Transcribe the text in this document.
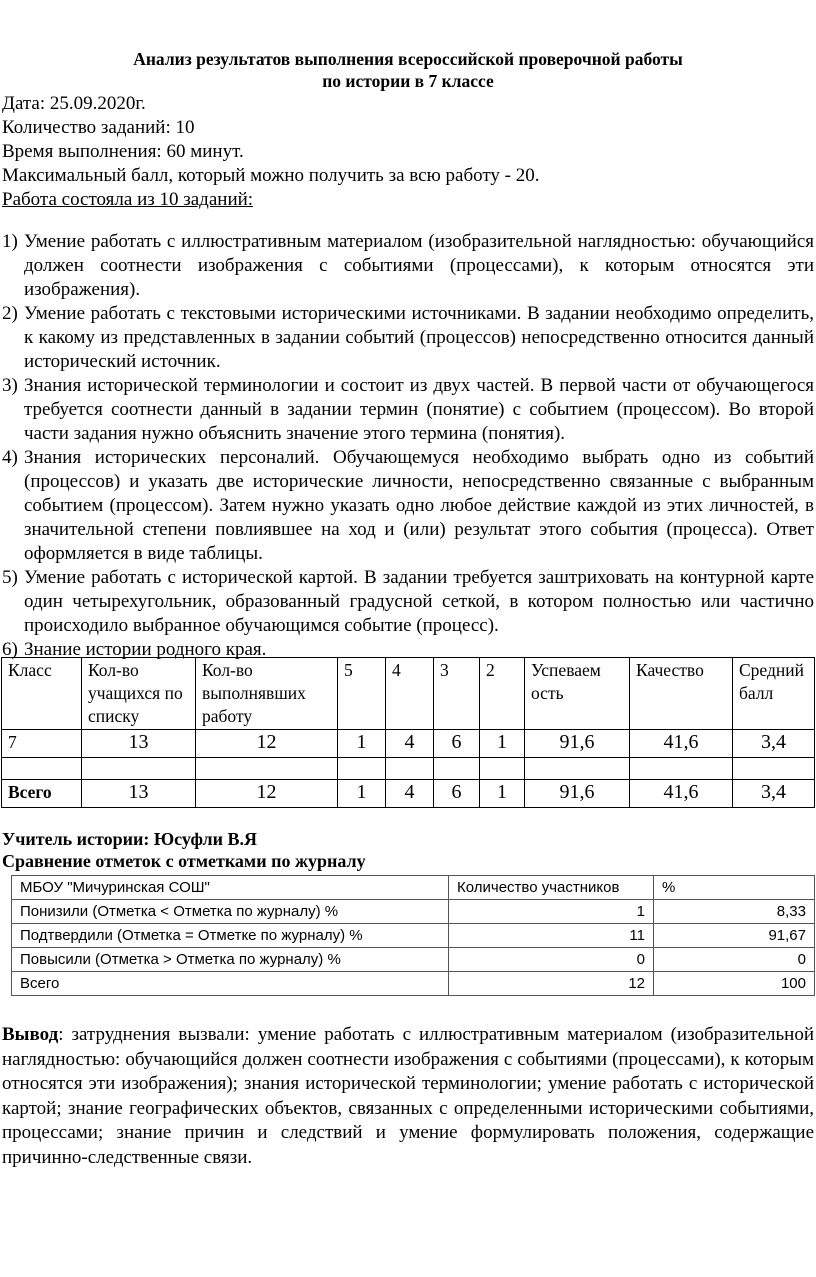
Анализ результатов выполнения всероссийской проверочной работы
по истории в 7 классе
Дата: 25.09.2020г.
Количество заданий: 10
Время выполнения: 60 минут.
Максимальный балл, который можно получить за всю работу - 20.
Работа состояла из 10 заданий:
1) Умение работать с иллюстративным материалом (изобразительной наглядностью: обучающийся должен соотнести изображения с событиями (процессами), к которым относятся эти изображения).
2) Умение работать с текстовыми историческими источниками. В задании необходимо определить, к какому из представленных в задании событий (процессов) непосредственно относится данный исторический источник.
3) Знания исторической терминологии и состоит из двух частей. В первой части от обучающегося требуется соотнести данный в задании термин (понятие) с событием (процессом). Во второй части задания нужно объяснить значение этого термина (понятия).
4) Знания исторических персоналий. Обучающемуся необходимо выбрать одно из событий (процессов) и указать две исторические личности, непосредственно связанные с выбранным событием (процессом). Затем нужно указать одно любое действие каждой из этих личностей, в значительной степени повлиявшее на ход и (или) результат этого события (процесса). Ответ оформляется в виде таблицы.
5) Умение работать с исторической картой. В задании требуется заштриховать на контурной карте один четырехугольник, образованный градусной сеткой, в котором полностью или частично происходило выбранное обучающимся событие (процесс).
6) Знание истории родного края.
Класс	Кол-во учащихся по списку	Кол-во выполнявших работу	5	4	3	2	Успеваем ость	Качество	Средний балл
7	13	12	1	4	6	1	91,6	41,6	3,4

Всего	13	12	1	4	6	1	91,6	41,6	3,4
Учитель истории: Юсуфли В.Я
Сравнение отметок с отметками по журналу
МБОУ "Мичуринская СОШ"	Количество участников	%
Понизили (Отметка < Отметка по журналу) %	1	8,33
Подтвердили (Отметка = Отметке по журналу) %	11	91,67
Повысили (Отметка > Отметка по журналу) %	0	0
Всего	12	100
Вывод: затруднения вызвали: умение работать с иллюстративным материалом (изобразительной наглядностью: обучающийся должен соотнести изображения с событиями (процессами), к которым относятся эти изображения); знания исторической терминологии; умение работать с исторической картой; знание географических объектов, связанных с определенными историческими событиями, процессами; знание причин и следствий и умение формулировать положения, содержащие причинно-следственные связи.
